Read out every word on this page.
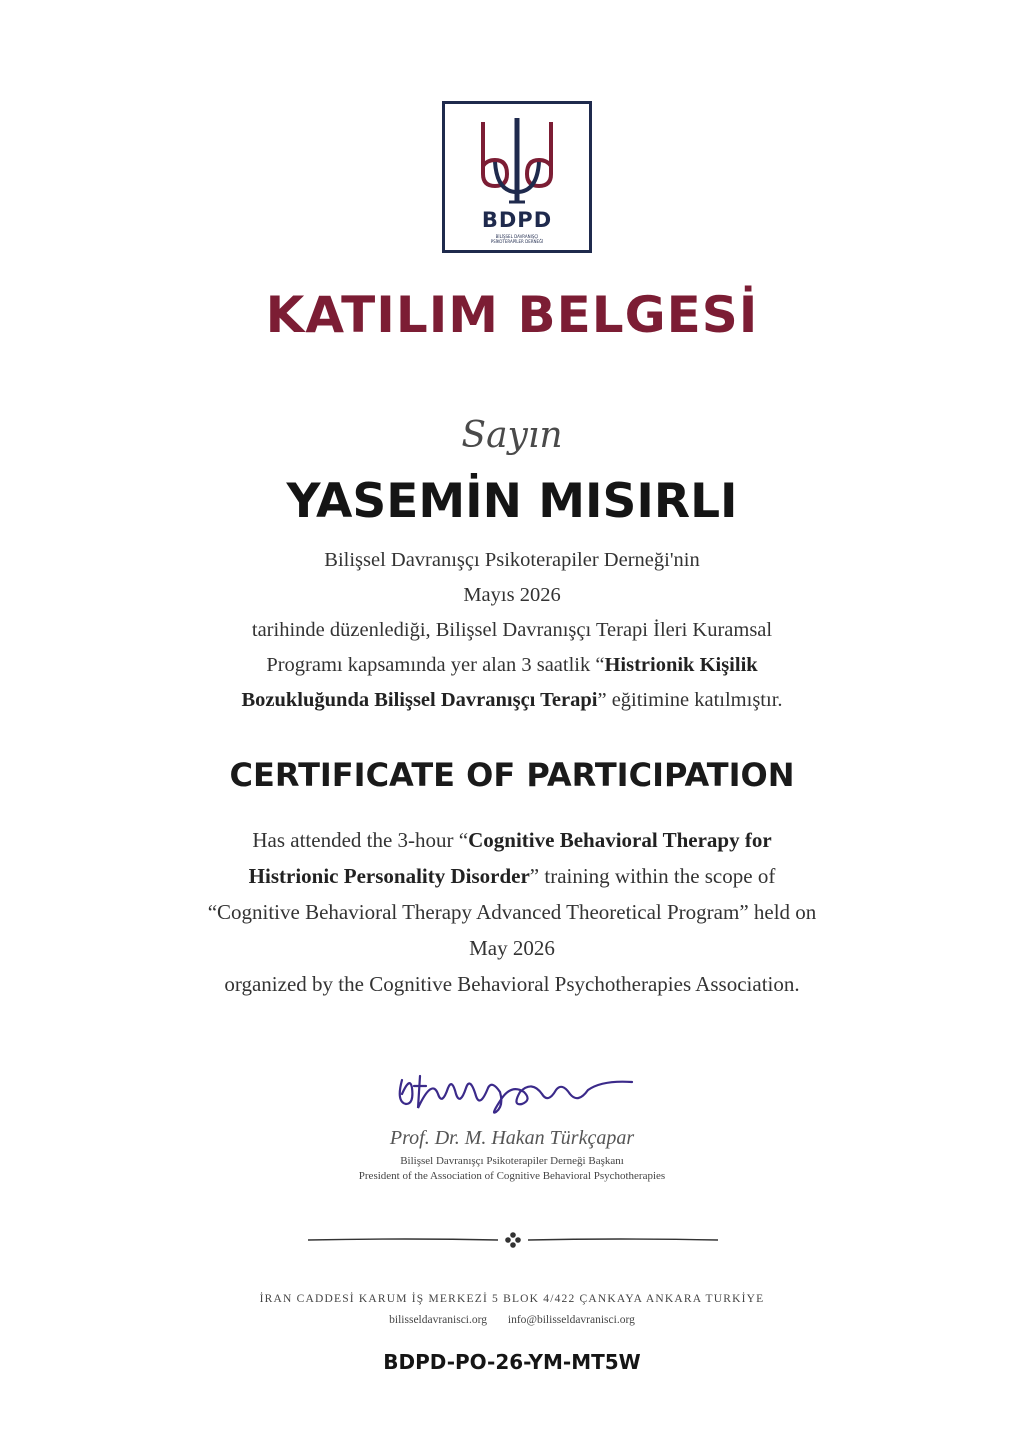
BDPD
BİLİŞSEL DAVRANIŞÇI
PSİKOTERAPİLER DERNEĞİ
KATILIM BELGESİ
Sayın
YASEMİN MISIRLI
Bilişsel Davranışçı Psikoterapiler Derneği'nin
Mayıs 2026
tarihinde düzenlediği, Bilişsel Davranışçı Terapi İleri Kuramsal
Programı kapsamında yer alan 3 saatlik “Histrionik Kişilik
Bozukluğunda Bilişsel Davranışçı Terapi” eğitimine katılmıştır.
CERTIFICATE OF PARTICIPATION
Has attended the 3-hour “Cognitive Behavioral Therapy for
Histrionic Personality Disorder” training within the scope of
“Cognitive Behavioral Therapy Advanced Theoretical Program” held on
May 2026
organized by the Cognitive Behavioral Psychotherapies Association.
Prof. Dr. M. Hakan Türkçapar
Bilişsel Davranışçı Psikoterapiler Derneği Başkanı
President of the Association of Cognitive Behavioral Psychotherapies
İRAN CADDESİ KARUM İŞ MERKEZİ 5 BLOK 4/422 ÇANKAYA ANKARA TURKİYE
bilisseldavranisci.org info@bilisseldavranisci.org
BDPD-PO-26-YM-MT5W
